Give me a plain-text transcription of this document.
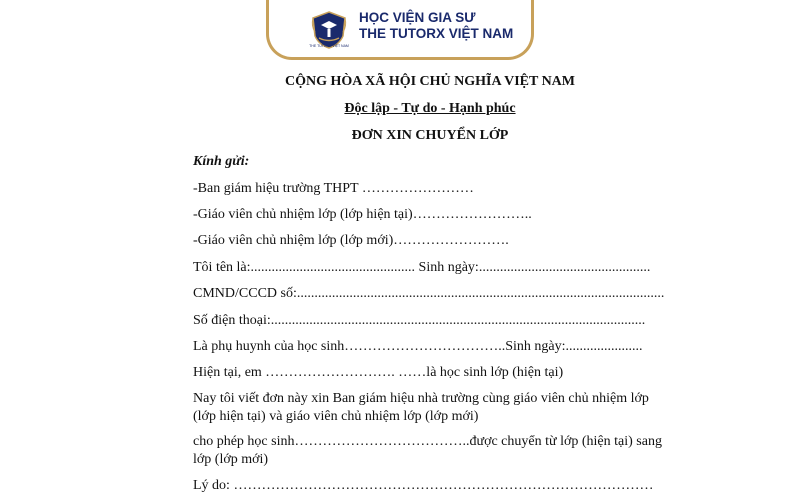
THE TUTORX VIỆT NAM
HỌC VIỆN GIA SƯ
THE TUTORX VIỆT NAM
CỘNG HÒA XÃ HỘI CHỦ NGHĨA VIỆT NAM
Độc lập - Tự do - Hạnh phúc
ĐƠN XIN CHUYỂN LỚP
Kính gửi:
-Ban giám hiệu trường THPT ……………………
-Giáo viên chủ nhiệm lớp (lớp hiện tại)……………………..
-Giáo viên chủ nhiệm lớp (lớp mới)…………………….
Tôi tên là:............................................... Sinh ngày:.................................................
CMND/CCCD số:.........................................................................................................
Số điện thoại:...........................................................................................................
Là phụ huynh của học sinh……………………………..Sinh ngày:......................
Hiện tại, em ………………………. ……là học sinh lớp (hiện tại)
Nay tôi viết đơn này xin Ban giám hiệu nhà trường cùng giáo viên chủ nhiệm lớp
(lớp hiện tại) và giáo viên chủ nhiệm lớp (lớp mới)
cho phép học sinh………………………………..được chuyển từ lớp (hiện tại) sang
lớp (lớp mới)
Lý do: ………………………………………………………………………………
